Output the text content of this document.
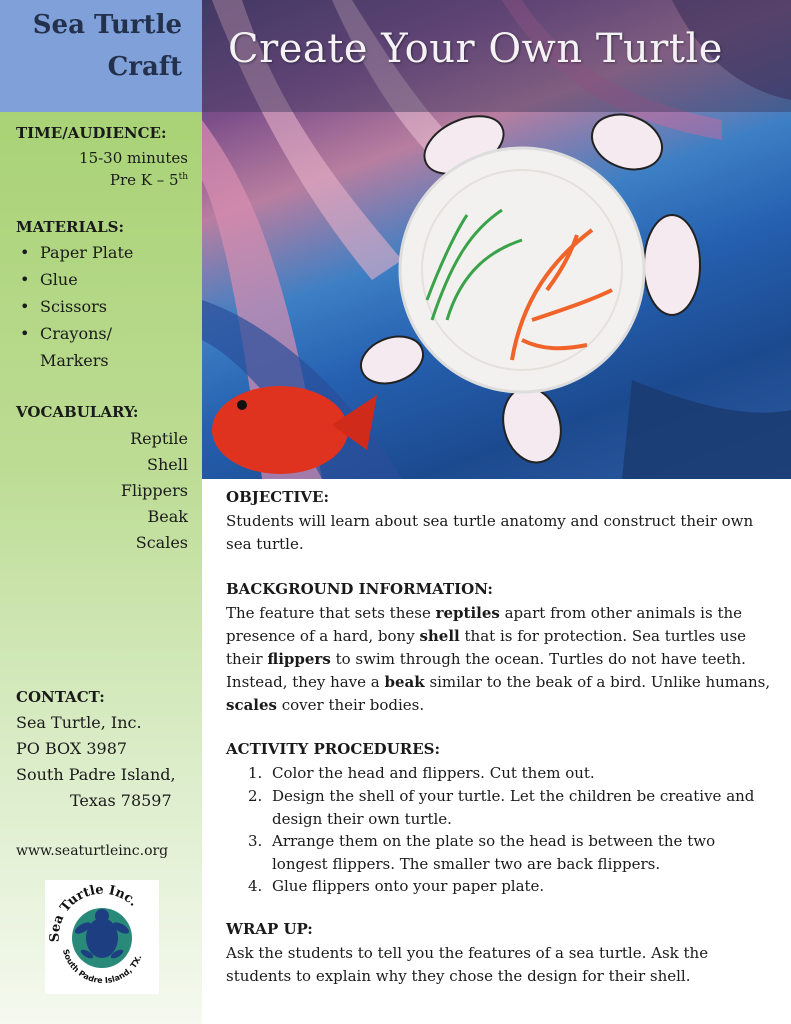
Sea Turtle
Craft
TIME/AUDIENCE:
15-30 minutes
Pre K – 5th
MATERIALS:
• Paper Plate
• Glue
• Scissors
• Crayons/
Markers
VOCABULARY:
Reptile
Shell
Flippers
Beak
Scales
CONTACT:
Sea Turtle, Inc.
PO BOX 3987
South Padre Island,
Texas 78597
www.seaturtleinc.org
Sea Turtle Inc.
South Padre Island, TX.
Create Your Own Turtle
OBJECTIVE:
Students will learn about sea turtle anatomy and construct their own sea turtle.
BACKGROUND INFORMATION:
The feature that sets these reptiles apart from other animals is the presence of a hard, bony shell that is for protection. Sea turtles use their flippers to swim through the ocean. Turtles do not have teeth. Instead, they have a beak similar to the beak of a bird. Unlike humans, scales cover their bodies.
ACTIVITY PROCEDURES:
1. Color the head and flippers. Cut them out.
2. Design the shell of your turtle. Let the children be creative and design their own turtle.
3. Arrange them on the plate so the head is between the two longest flippers. The smaller two are back flippers.
4. Glue flippers onto your paper plate.
WRAP UP:
Ask the students to tell you the features of a sea turtle. Ask the students to explain why they chose the design for their shell.
